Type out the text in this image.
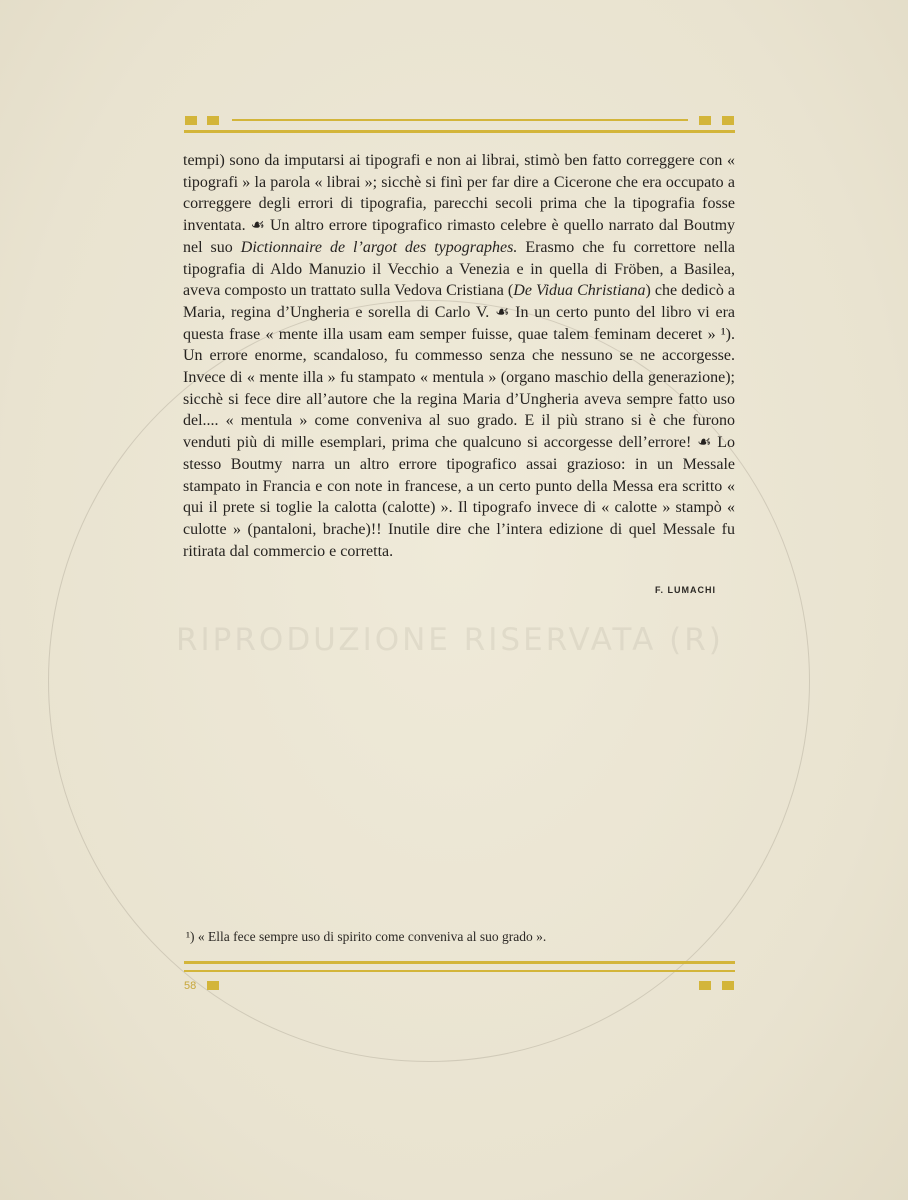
RIPRODUZIONE RISERVATA (R)

tempi) sono da imputarsi ai tipografi e non ai librai, stimò ben fatto correggere con « tipografi » la parola « librai »; sicchè si finì per far dire a Cicerone che era occupato a correggere degli errori di tipografia, parecchi secoli prima che la tipografia fosse inventata. ☙ Un altro errore tipografico rimasto celebre è quello narrato dal Boutmy nel suo Dictionnaire de l’argot des typographes. Erasmo che fu correttore nella tipografia di Aldo Manuzio il Vecchio a Venezia e in quella di Fröben, a Basilea, aveva composto un trattato sulla Vedova Cristiana (De Vidua Christiana) che dedicò a Maria, regina d’Ungheria e sorella di Carlo V. ☙ In un certo punto del libro vi era questa frase « mente illa usam eam semper fuisse, quae talem feminam deceret » ¹). Un errore enorme, scandaloso, fu commesso senza che nessuno se ne accorgesse. Invece di « mente illa » fu stampato « mentula » (organo maschio della generazione); sicchè si fece dire all’autore che la regina Maria d’Ungheria aveva sempre fatto uso del.... « mentula » come conveniva al suo grado. E il più strano si è che furono venduti più di mille esemplari, prima che qualcuno si accorgesse dell’errore! ☙ Lo stesso Boutmy narra un altro errore tipografico assai grazioso: in un Messale stampato in Francia e con note in francese, a un certo punto della Messa era scritto « qui il prete si toglie la calotta (calotte) ». Il tipografo invece di « calotte » stampò « culotte » (pantaloni, brache)!! Inutile dire che l’intera edizione di quel Messale fu ritirata dal commercio e corretta.

F. LUMACHI
¹) « Ella fece sempre uso di spirito come conveniva al suo grado ».
58
